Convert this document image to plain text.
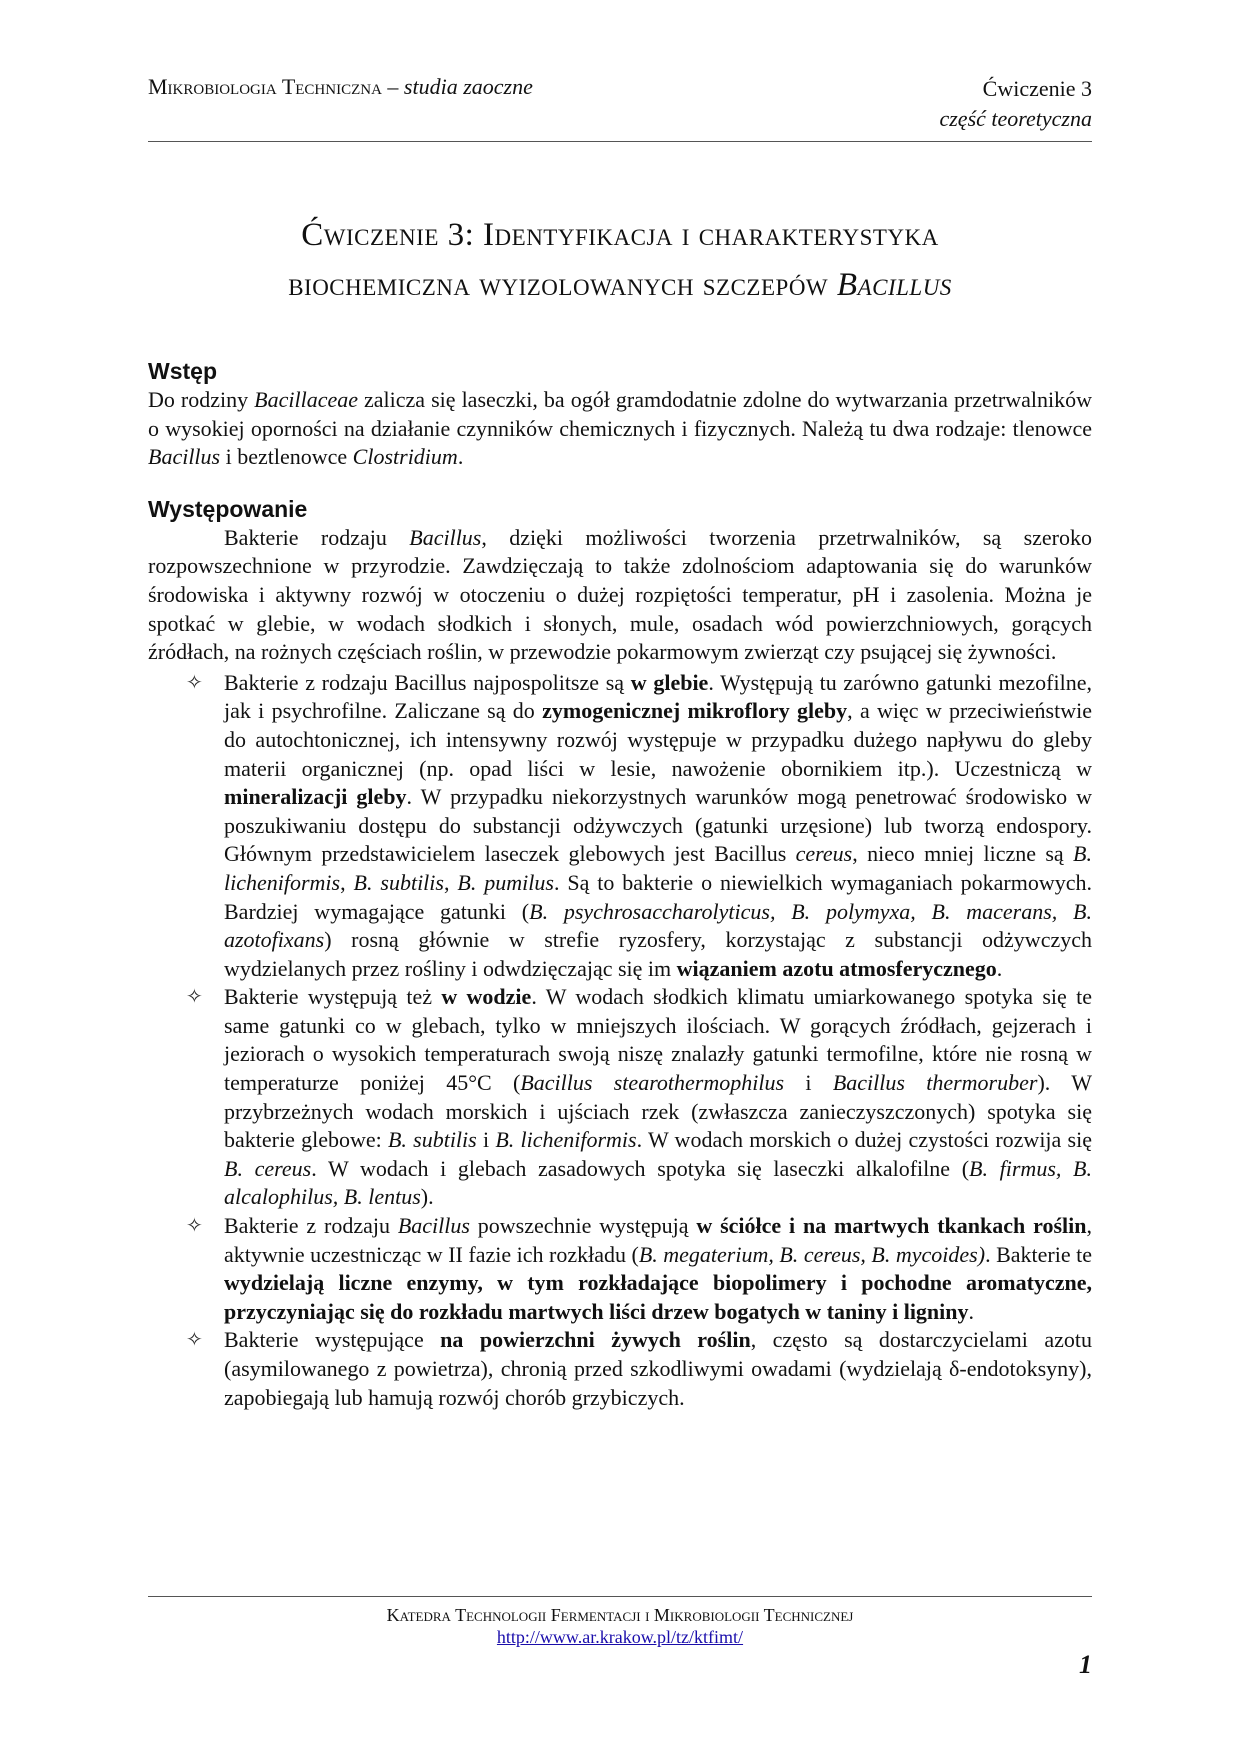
Mikrobiologia Techniczna – studia zaoczne	Ćwiczenie 3
część teoretyczna
Ćwiczenie 3: Identyfikacja i charakterystyka
biochemiczna wyizolowanych szczepów Bacillus
Wstęp

Do rodziny Bacillaceae zalicza się laseczki, ba ogół gramdodatnie zdolne do wytwarzania przetrwalników o wysokiej oporności na działanie czynników chemicznych i fizycznych. Należą tu dwa rodzaje: tlenowce Bacillus i beztlenowce Clostridium.

Występowanie

Bakterie rodzaju Bacillus, dzięki możliwości tworzenia przetrwalników, są szeroko rozpowszechnione w przyrodzie. Zawdzięczają to także zdolnościom adaptowania się do warunków środowiska i aktywny rozwój w otoczeniu o dużej rozpiętości temperatur, pH i zasolenia. Można je spotkać w glebie, w wodach słodkich i słonych, mule, osadach wód powierzchniowych, gorących źródłach, na rożnych częściach roślin, w przewodzie pokarmowym zwierząt czy psującej się żywności.

✧ Bakterie z rodzaju Bacillus najpospolitsze są w glebie. Występują tu zarówno gatunki mezofilne, jak i psychrofilne. Zaliczane są do zymogenicznej mikroflory gleby, a więc w przeciwieństwie do autochtonicznej, ich intensywny rozwój występuje w przypadku dużego napływu do gleby materii organicznej (np. opad liści w lesie, nawożenie obornikiem itp.). Uczestniczą w mineralizacji gleby. W przypadku niekorzystnych warunków mogą penetrować środowisko w poszukiwaniu dostępu do substancji odżywczych (gatunki urzęsione) lub tworzą endospory. Głównym przedstawicielem laseczek glebowych jest Bacillus cereus, nieco mniej liczne są B. licheniformis, B. subtilis, B. pumilus. Są to bakterie o niewielkich wymaganiach pokarmowych. Bardziej wymagające gatunki (B. psychrosaccharolyticus, B. polymyxa, B. macerans, B. azotofixans) rosną głównie w strefie ryzosfery, korzystając z substancji odżywczych wydzielanych przez rośliny i odwdzięczając się im wiązaniem azotu atmosferycznego.
✧ Bakterie występują też w wodzie. W wodach słodkich klimatu umiarkowanego spotyka się te same gatunki co w glebach, tylko w mniejszych ilościach. W gorących źródłach, gejzerach i jeziorach o wysokich temperaturach swoją niszę znalazły gatunki termofilne, które nie rosną w temperaturze poniżej 45°C (Bacillus stearothermophilus i Bacillus thermoruber). W przybrzeżnych wodach morskich i ujściach rzek (zwłaszcza zanieczyszczonych) spotyka się bakterie glebowe: B. subtilis i B. licheniformis. W wodach morskich o dużej czystości rozwija się B. cereus. W wodach i glebach zasadowych spotyka się laseczki alkalofilne (B. firmus, B. alcalophilus, B. lentus).
✧ Bakterie z rodzaju Bacillus powszechnie występują w ściółce i na martwych tkankach roślin, aktywnie uczestnicząc w II fazie ich rozkładu (B. megaterium, B. cereus, B. mycoides). Bakterie te wydzielają liczne enzymy, w tym rozkładające biopolimery i pochodne aromatyczne, przyczyniając się do rozkładu martwych liści drzew bogatych w taniny i ligniny.
✧ Bakterie występujące na powierzchni żywych roślin, często są dostarczycielami azotu (asymilowanego z powietrza), chronią przed szkodliwymi owadami (wydzielają δ-endotoksyny), zapobiegają lub hamują rozwój chorób grzybiczych.
Katedra Technologii Fermentacji i Mikrobiologii Technicznej
http://www.ar.krakow.pl/tz/ktfimt/
1
